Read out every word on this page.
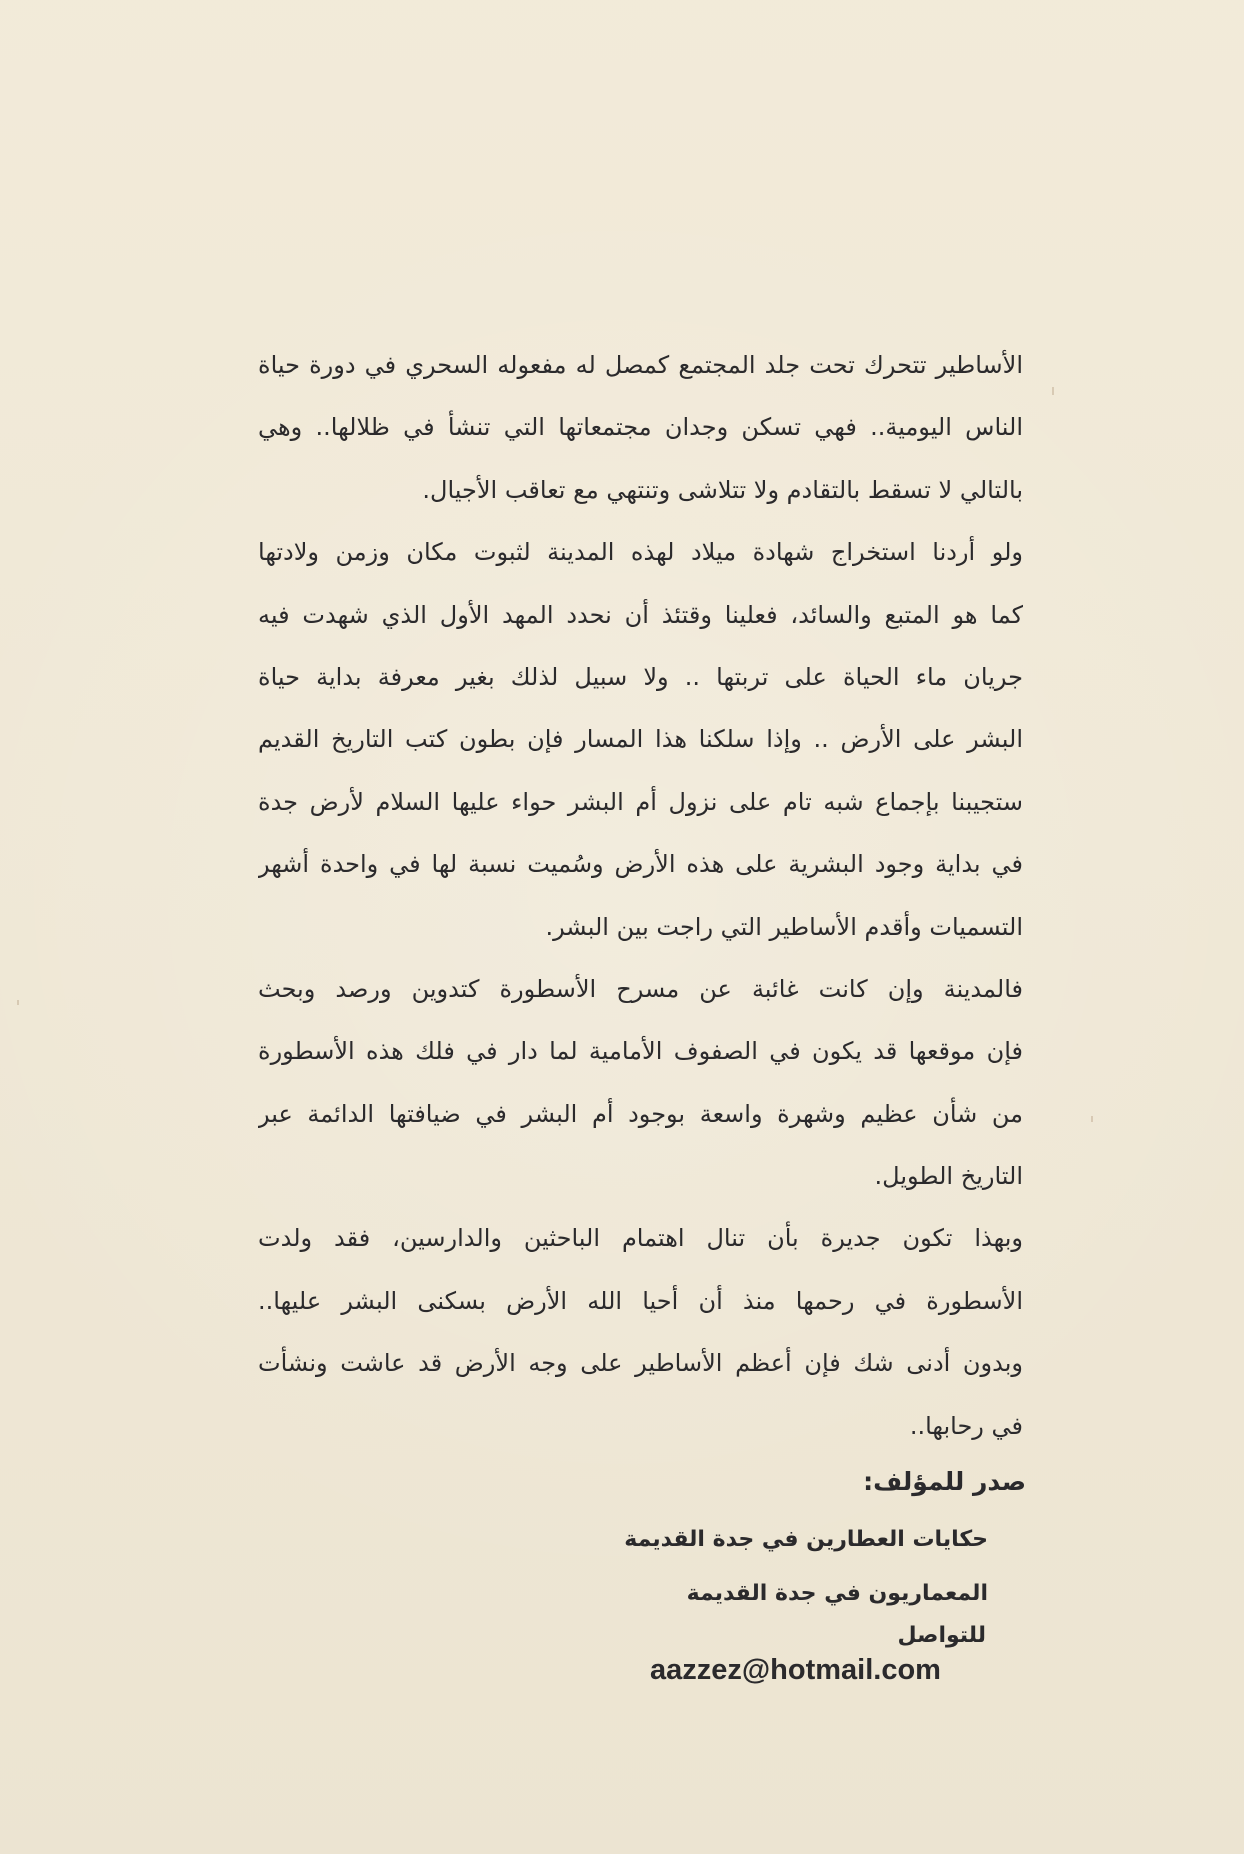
الأساطير تتحرك تحت جلد المجتمع كمصل له مفعوله السحري في دورة حياة
الناس اليومية.. فهي تسكن وجدان مجتمعاتها التي تنشأ في ظلالها.. وهي
بالتالي لا تسقط بالتقادم ولا تتلاشى وتنتهي مع تعاقب الأجيال.
ولو أردنا استخراج شهادة ميلاد لهذه المدينة لثبوت مكان وزمن ولادتها
كما هو المتبع والسائد، فعلينا وقتئذ أن نحدد المهد الأول الذي شهدت فيه
جريان ماء الحياة على تربتها .. ولا سبيل لذلك بغير معرفة بداية حياة
البشر على الأرض .. وإذا سلكنا هذا المسار فإن بطون كتب التاريخ القديم
ستجيبنا بإجماع شبه تام على نزول أم البشر حواء عليها السلام لأرض جدة
في بداية وجود البشرية على هذه الأرض وسُميت نسبة لها في واحدة أشهر
التسميات وأقدم الأساطير التي راجت بين البشر.
فالمدينة وإن كانت غائبة عن مسرح الأسطورة كتدوين ورصد وبحث
فإن موقعها قد يكون في الصفوف الأمامية لما دار في فلك هذه الأسطورة
من شأن عظيم وشهرة واسعة بوجود أم البشر في ضيافتها الدائمة عبر
التاريخ الطويل.
وبهذا تكون جديرة بأن تنال اهتمام الباحثين والدارسين، فقد ولدت
الأسطورة في رحمها منذ أن أحيا الله الأرض بسكنى البشر عليها..
وبدون أدنى شك فإن أعظم الأساطير على وجه الأرض قد عاشت ونشأت
في رحابها..
صدر للمؤلف:
حكايات العطارين في جدة القديمة
المعماريون في جدة القديمة
للتواصل
aazzez@hotmail.com
